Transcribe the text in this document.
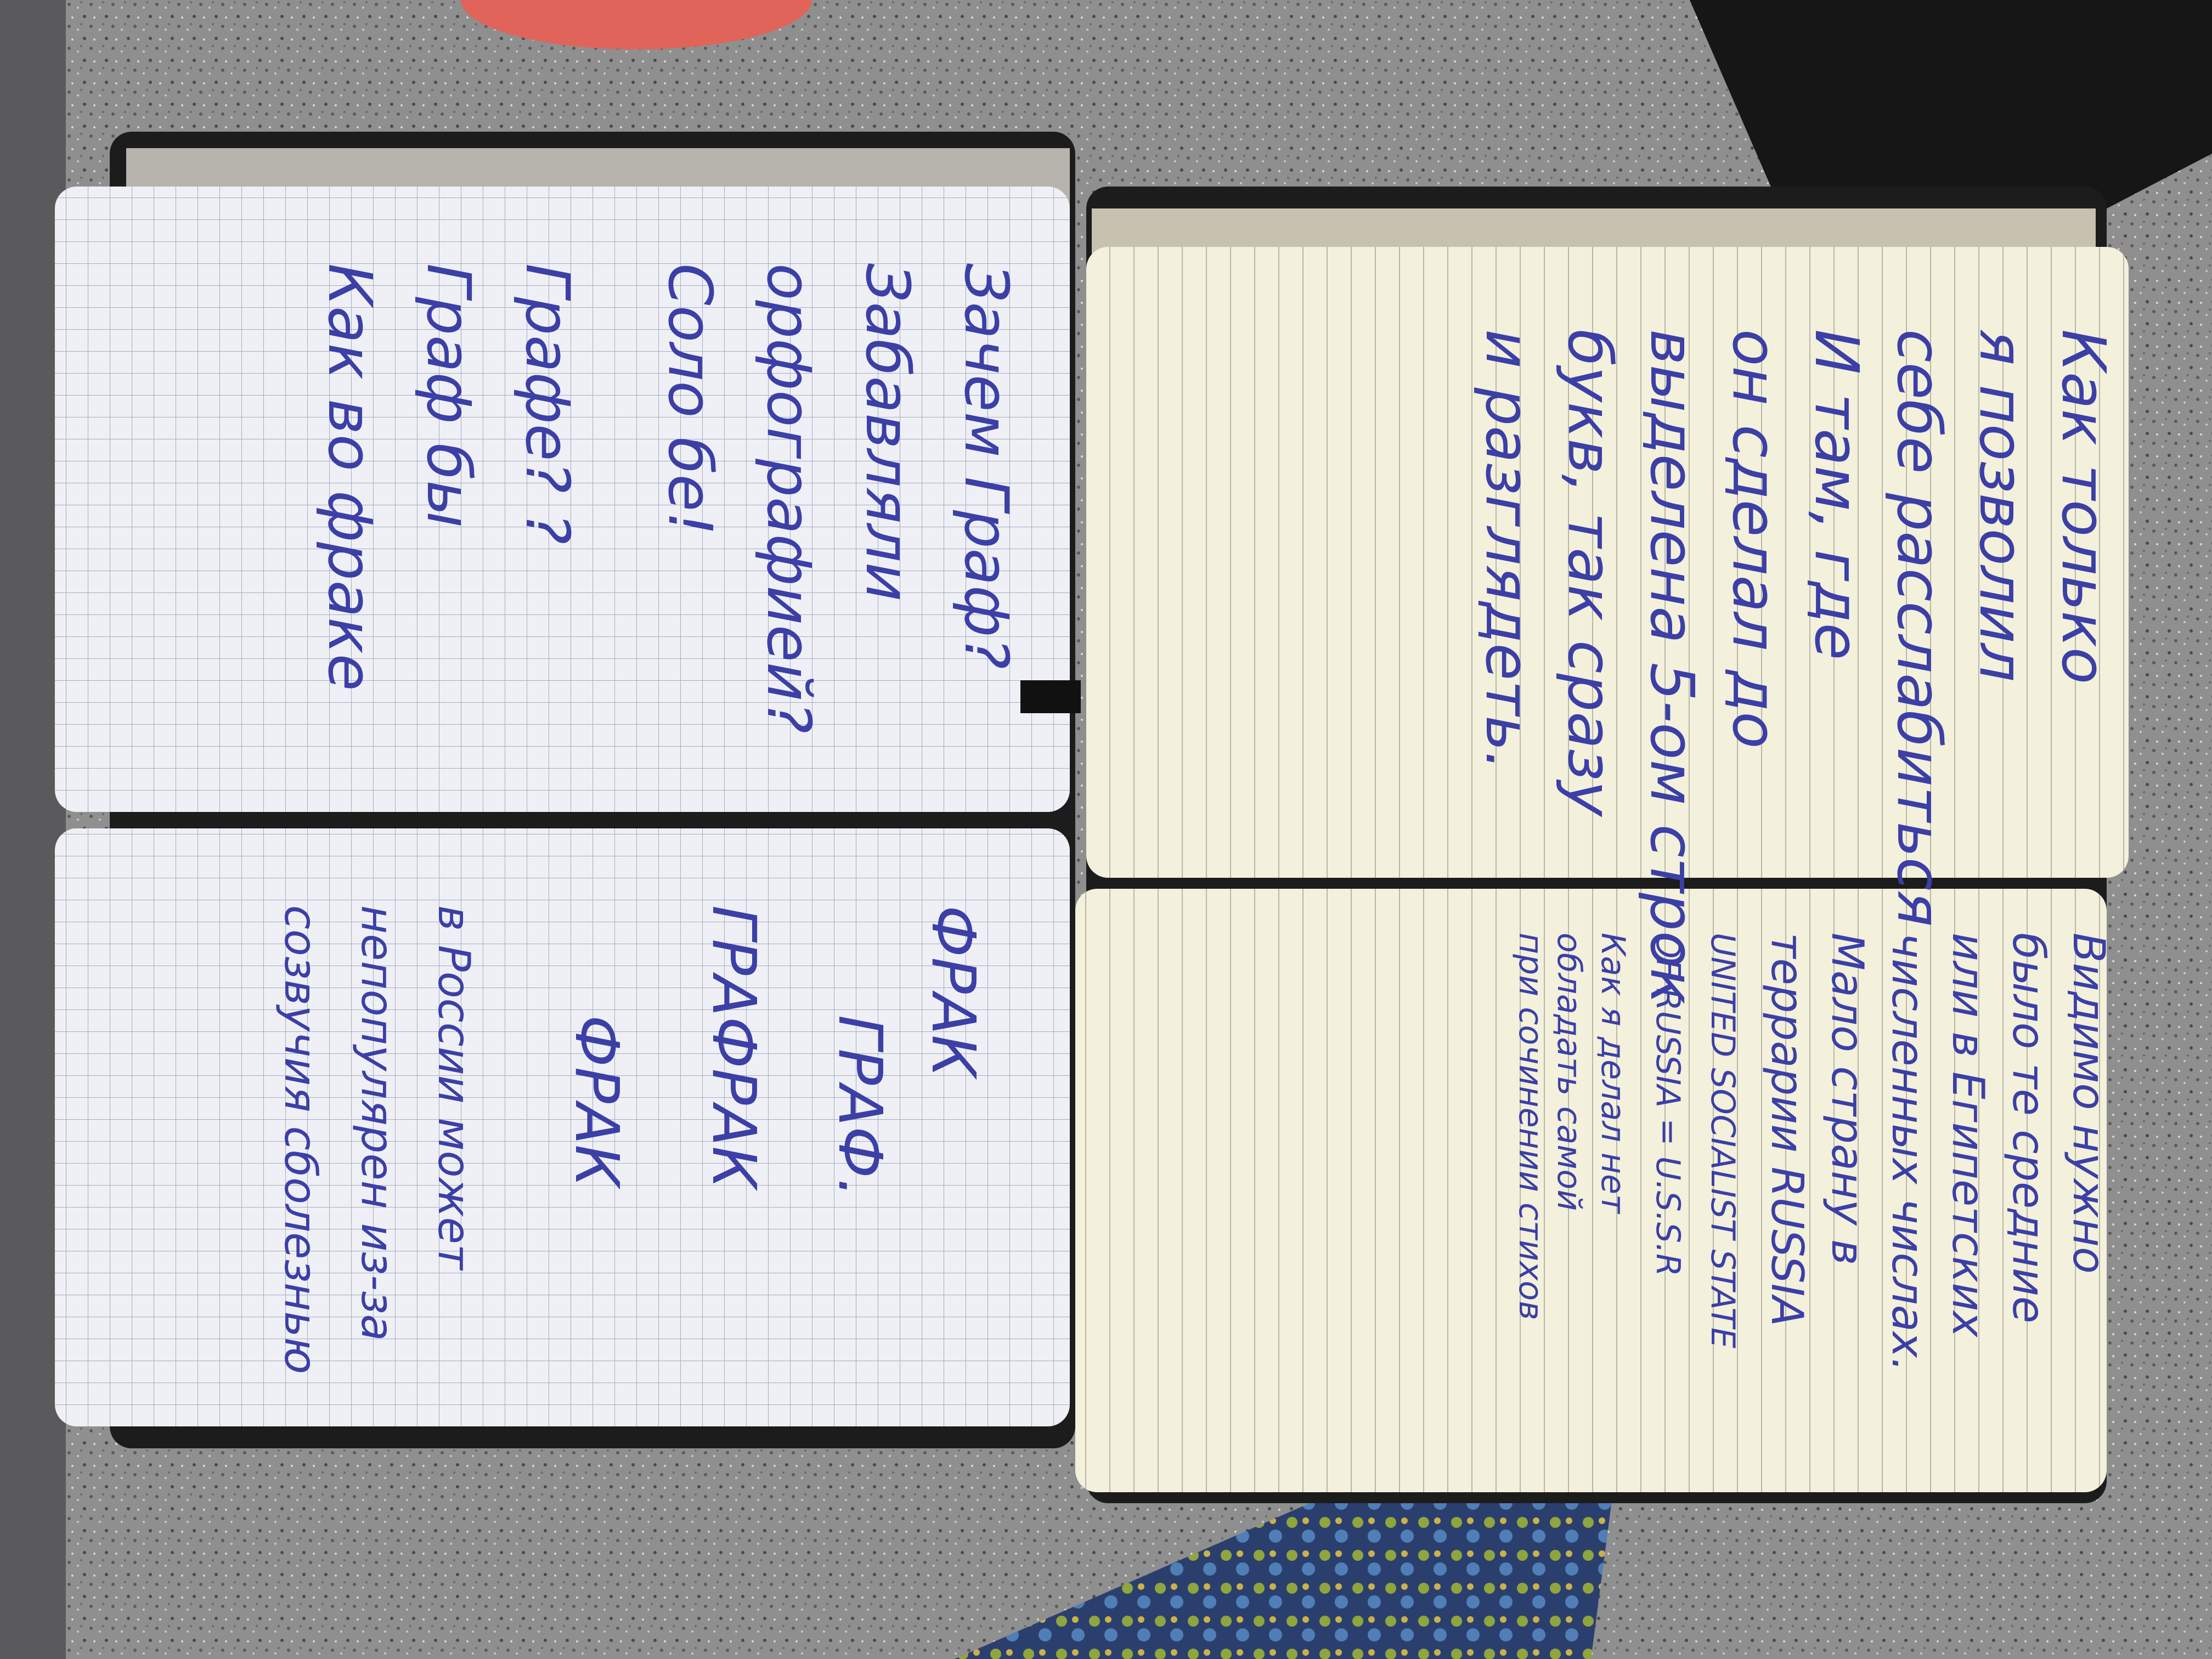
Как только
я позволил
себе расслабиться
И там, где
он сделал до
выделена 5-ом строк
букв, так сразу
и разглядеть.
Видимо нужно
было те средние
или в Египетских
численных числах.
Мало страну в
террарии RUSSIA
UNITED SOCIALIST STATE
OF RUSSIA = U.S.S.R
Как я делал нет
обладать самой
при сочинении стихов
Зачем Граф?
Забавляли
орфографией?
Соло бе!
Графе? ?
Граф бы
Как во фраке
ФРАК
ГРАФ.
ГРАФРАК
ФРАК
в России может
непопулярен из-за
созвучия сболезнью
